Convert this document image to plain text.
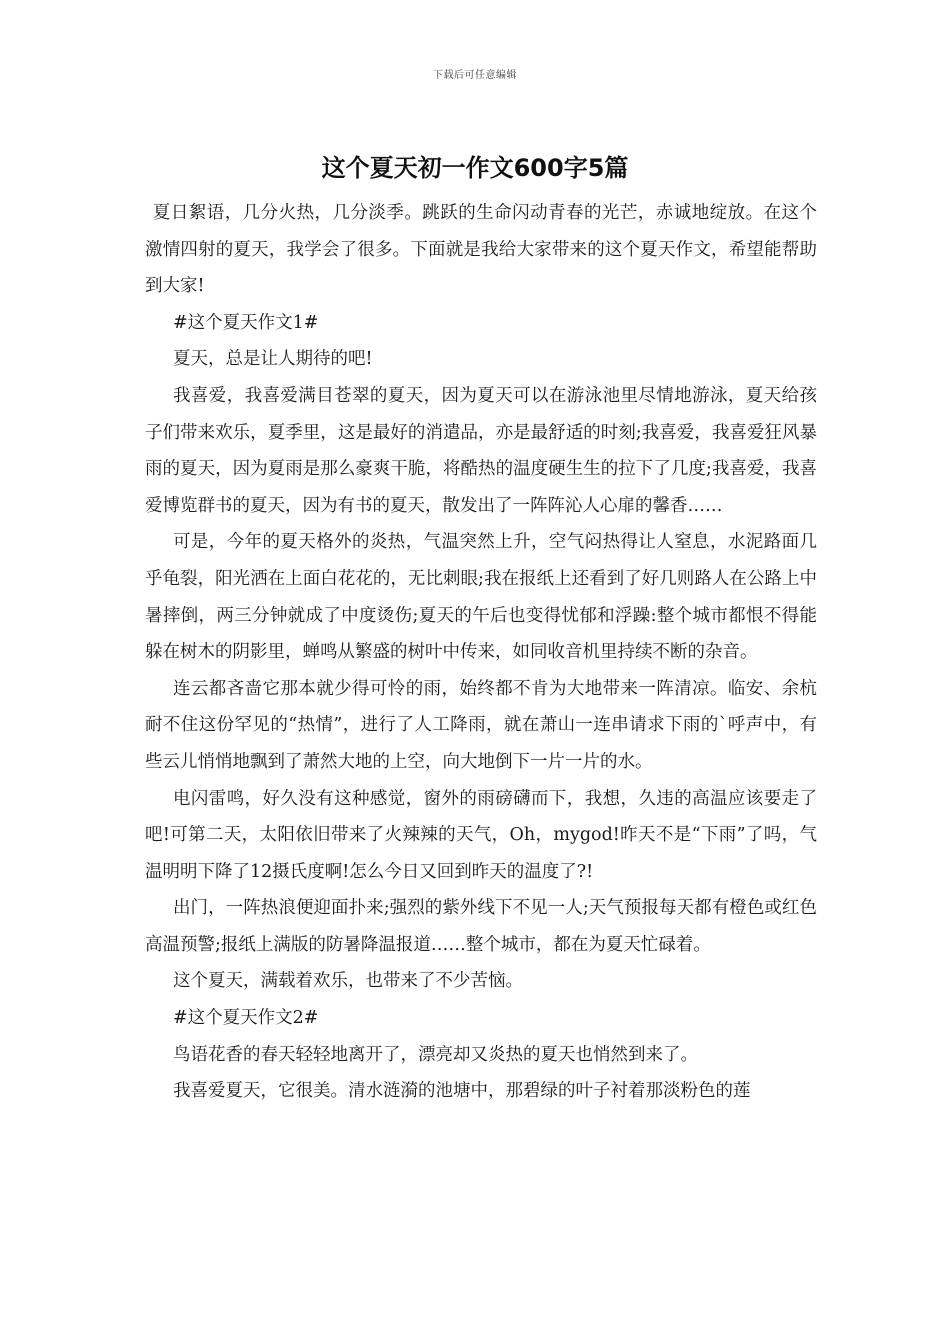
下载后可任意编辑
这个夏天初一作文600字5篇

夏日絮语，几分火热，几分淡季。跳跃的生命闪动青春的光芒，赤诚地绽放。在这个激情四射的夏天，我学会了很多。下面就是我给大家带来的这个夏天作文，希望能帮助到大家!

#这个夏天作文1#

夏天，总是让人期待的吧!

我喜爱，我喜爱满目苍翠的夏天，因为夏天可以在游泳池里尽情地游泳，夏天给孩子们带来欢乐，夏季里，这是最好的消遣品，亦是最舒适的时刻;我喜爱，我喜爱狂风暴雨的夏天，因为夏雨是那么豪爽干脆，将酷热的温度硬生生的拉下了几度;我喜爱，我喜爱博览群书的夏天，因为有书的夏天，散发出了一阵阵沁人心扉的馨香……

可是，今年的夏天格外的炎热，气温突然上升，空气闷热得让人窒息，水泥路面几乎龟裂，阳光洒在上面白花花的，无比刺眼;我在报纸上还看到了好几则路人在公路上中暑摔倒，两三分钟就成了中度烫伤;夏天的午后也变得忧郁和浮躁:整个城市都恨不得能躲在树木的阴影里，蝉鸣从繁盛的树叶中传来，如同收音机里持续不断的杂音。

连云都吝啬它那本就少得可怜的雨，始终都不肯为大地带来一阵清凉。临安、余杭耐不住这份罕见的“热情”，进行了人工降雨，就在萧山一连串请求下雨的`呼声中，有些云儿悄悄地飘到了萧然大地的上空，向大地倒下一片一片的水。

电闪雷鸣，好久没有这种感觉，窗外的雨磅礴而下，我想，久违的高温应该要走了吧!可第二天，太阳依旧带来了火辣辣的天气，Oh，mygod!昨天不是“下雨”了吗，气温明明下降了12摄氏度啊!怎么今日又回到昨天的温度了?!

出门，一阵热浪便迎面扑来;强烈的紫外线下不见一人;天气预报每天都有橙色或红色高温预警;报纸上满版的防暑降温报道……整个城市，都在为夏天忙碌着。

这个夏天，满载着欢乐，也带来了不少苦恼。

#这个夏天作文2#

鸟语花香的春天轻轻地离开了，漂亮却又炎热的夏天也悄然到来了。

我喜爱夏天，它很美。清水涟漪的池塘中，那碧绿的叶子衬着那淡粉色的莲
